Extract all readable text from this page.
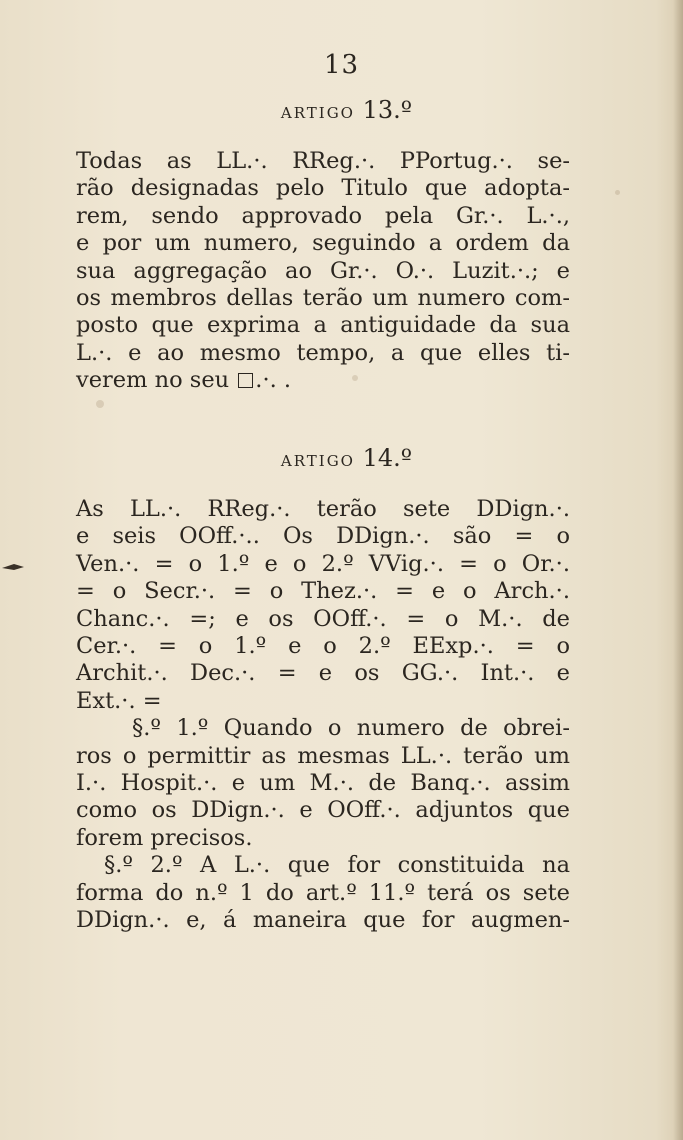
13
ARTIGO 13.º
Todas as LL.·. RReg.·. PPortug.·. se-
rão designadas pelo Titulo que adopta-
rem, sendo approvado pela Gr.·. L.·.,
e por um numero, seguindo a ordem da
sua aggregação ao Gr.·. O.·. Luzit.·.; e
os membros dellas terão um numero com-
posto que exprima a antiguidade da sua
L.·. e ao mesmo tempo, a que elles ti-
verem no seu .·. .
ARTIGO 14.º
As LL.·. RReg.·. terão sete DDign.·.
e seis OOff.·.. Os DDign.·. são = o
Ven.·. = o 1.º e o 2.º VVig.·. = o Or.·.
= o Secr.·. = o Thez.·. = e o Arch.·.
Chanc.·. =; e os OOff.·. = o M.·. de
Cer.·. = o 1.º e o 2.º EExp.·. = o
Archit.·. Dec.·. = e os GG.·. Int.·. e
Ext.·. =
§.º 1.º Quando o numero de obrei-
ros o permittir as mesmas LL.·. terão um
I.·. Hospit.·. e um M.·. de Banq.·. assim
como os DDign.·. e OOff.·. adjuntos que
forem precisos.
§.º 2.º A L.·. que for constituida na
forma do n.º 1 do art.º 11.º terá os sete
DDign.·. e, á maneira que for augmen-
